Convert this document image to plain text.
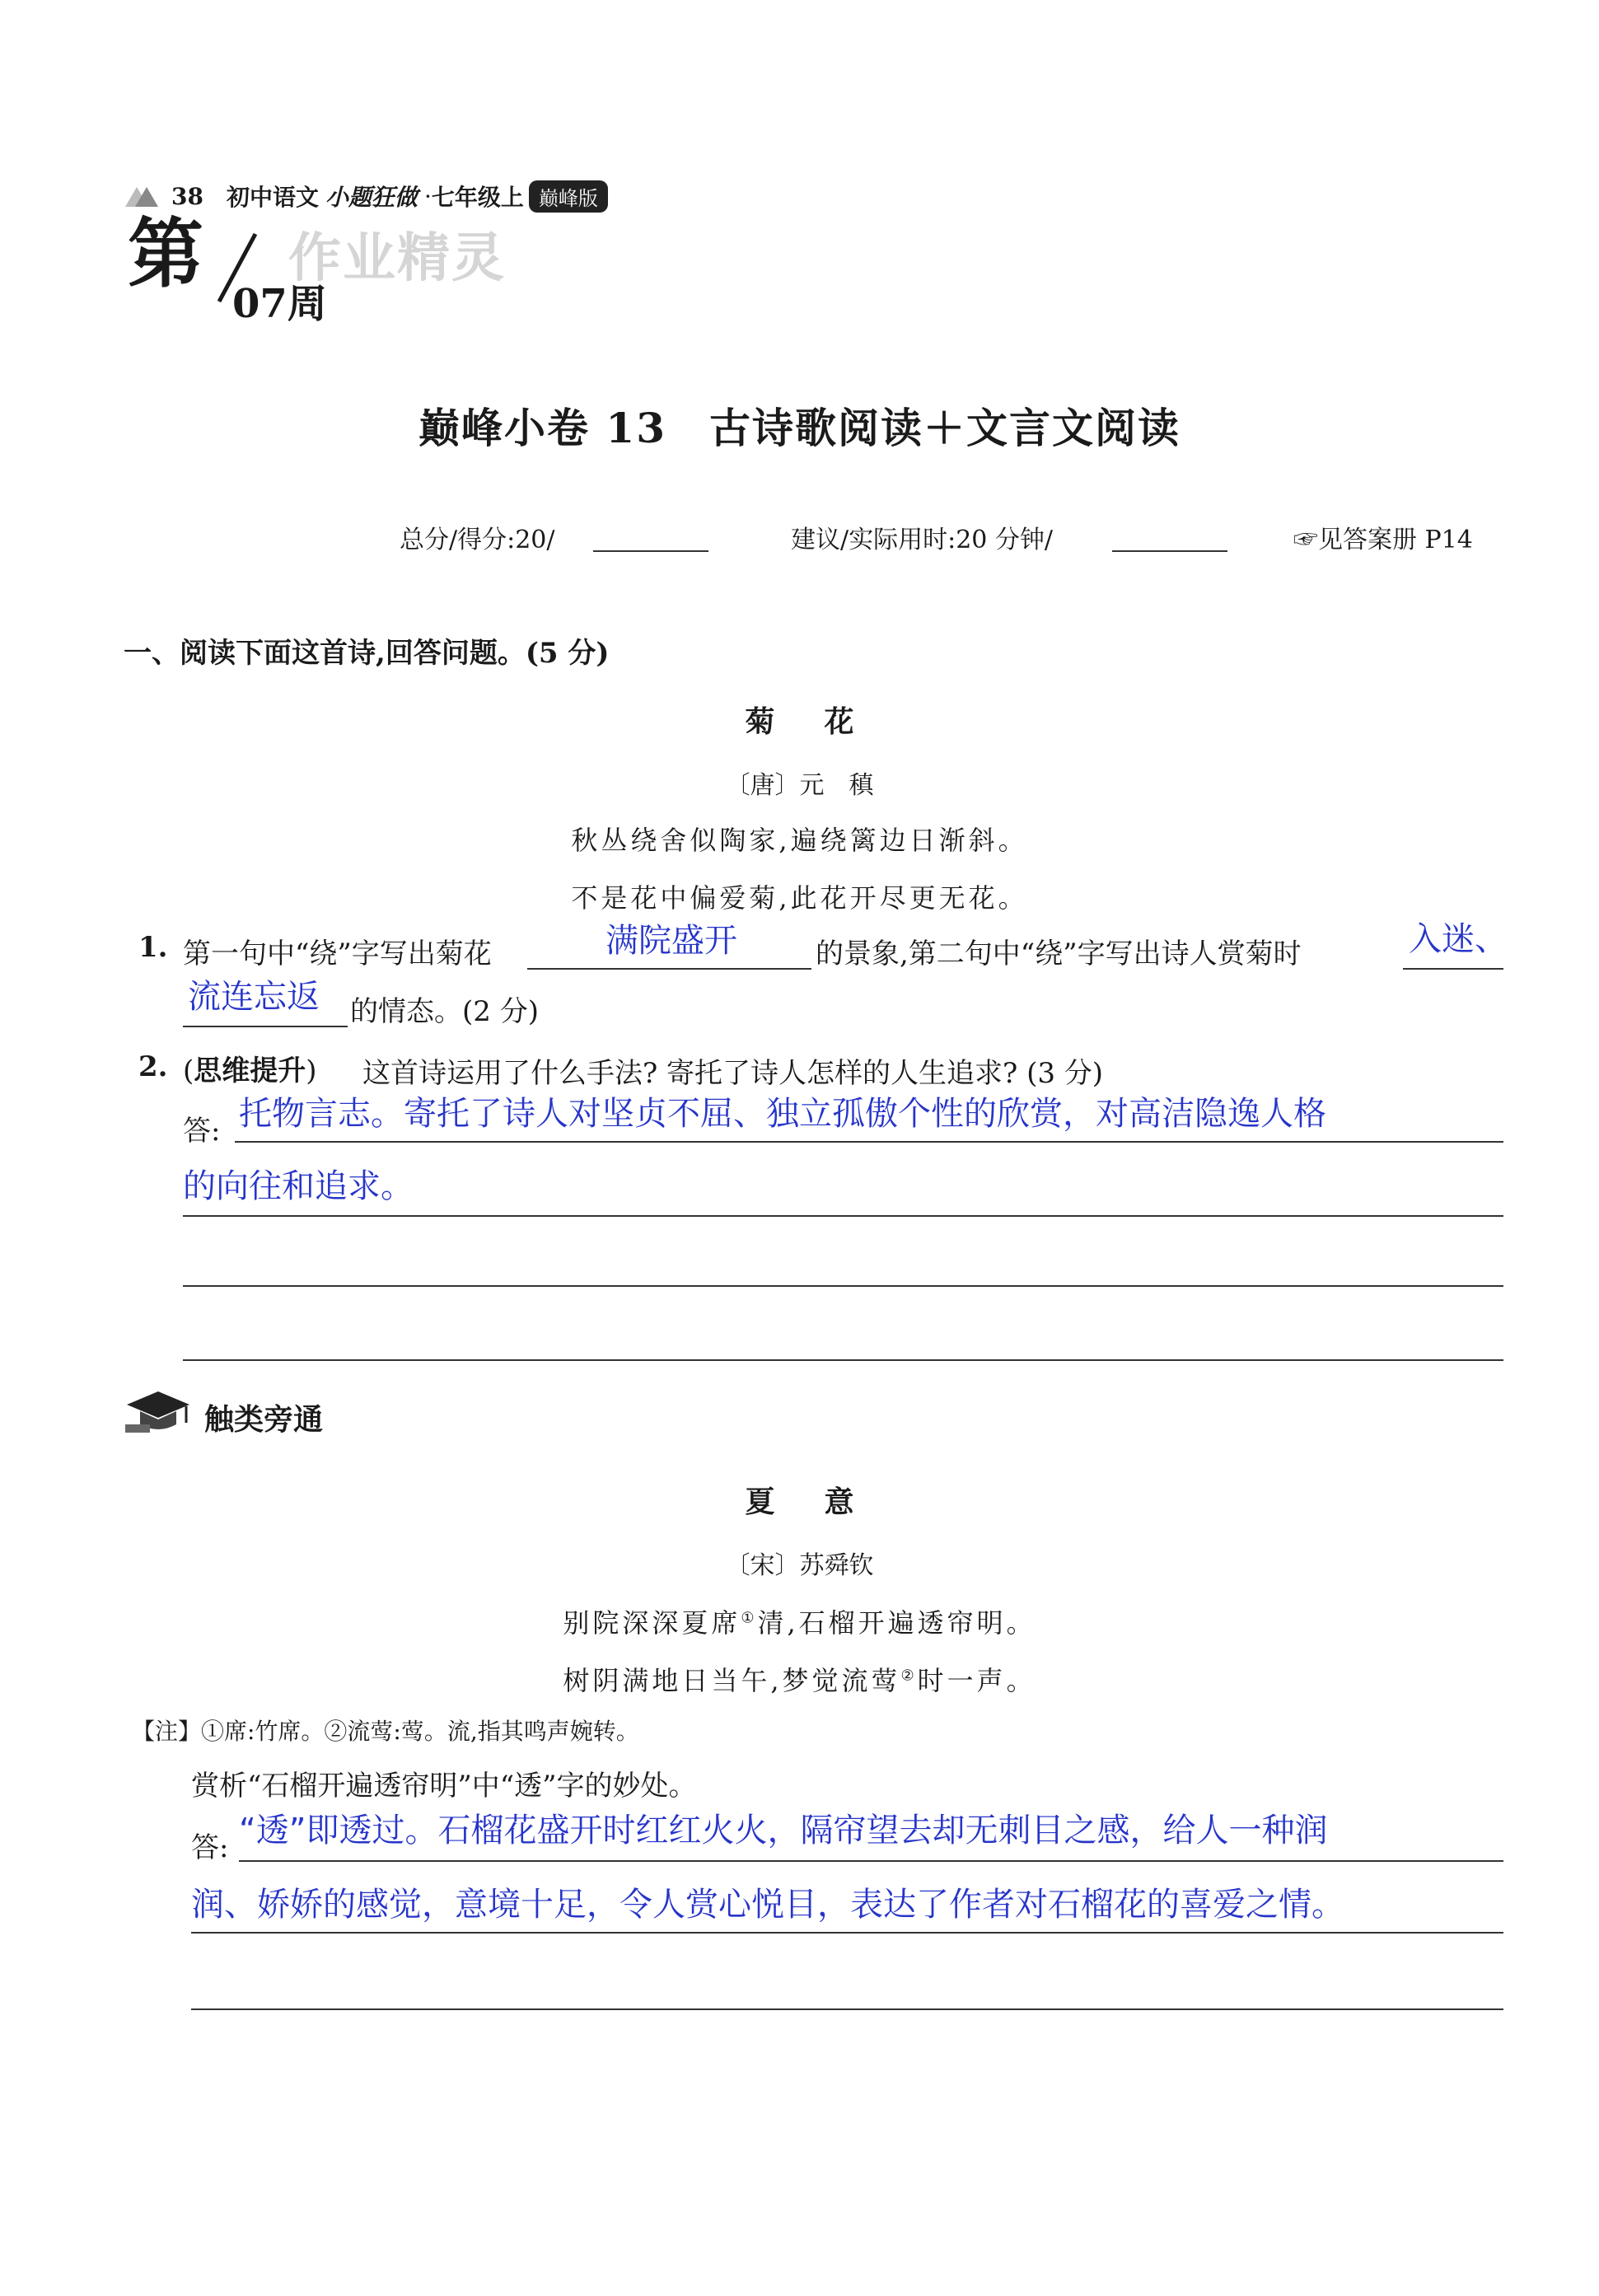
38 初中语文 小题狂做 · 七年级上 巅峰版
第
07周
作业精灵
巅峰小卷 13　古诗歌阅读＋文言文阅读
总分/得分:20/	建议/实际用时:20 分钟/	☞见答案册 P14
一、阅读下面这首诗,回答问题。(5 分)
菊花
〔唐〕元　稹
秋丛绕舍似陶家,遍绕篱边日渐斜。
不是花中偏爱菊,此花开尽更无花。
1. 第一句中“绕”字写出菊花	满院盛开	的景象,第二句中“绕”字写出诗人赏菊时	入迷、
流连忘返 的情态。(2 分)
2. (思维提升) 这首诗运用了什么手法? 寄托了诗人怎样的人生追求? (3 分)
答: 托物言志。寄托了诗人对坚贞不屈、独立孤傲个性的欣赏，对高洁隐逸人格
的向往和追求。
触类旁通
夏意
〔宋〕苏舜钦
别院深深夏席①清,石榴开遍透帘明。
树阴满地日当午,梦觉流莺②时一声。
【注】①席:竹席。②流莺:莺。流,指其鸣声婉转。
赏析“石榴开遍透帘明”中“透”字的妙处。
答: “透”即透过。石榴花盛开时红红火火，隔帘望去却无刺目之感，给人一种润
润、娇娇的感觉，意境十足，令人赏心悦目，表达了作者对石榴花的喜爱之情。
